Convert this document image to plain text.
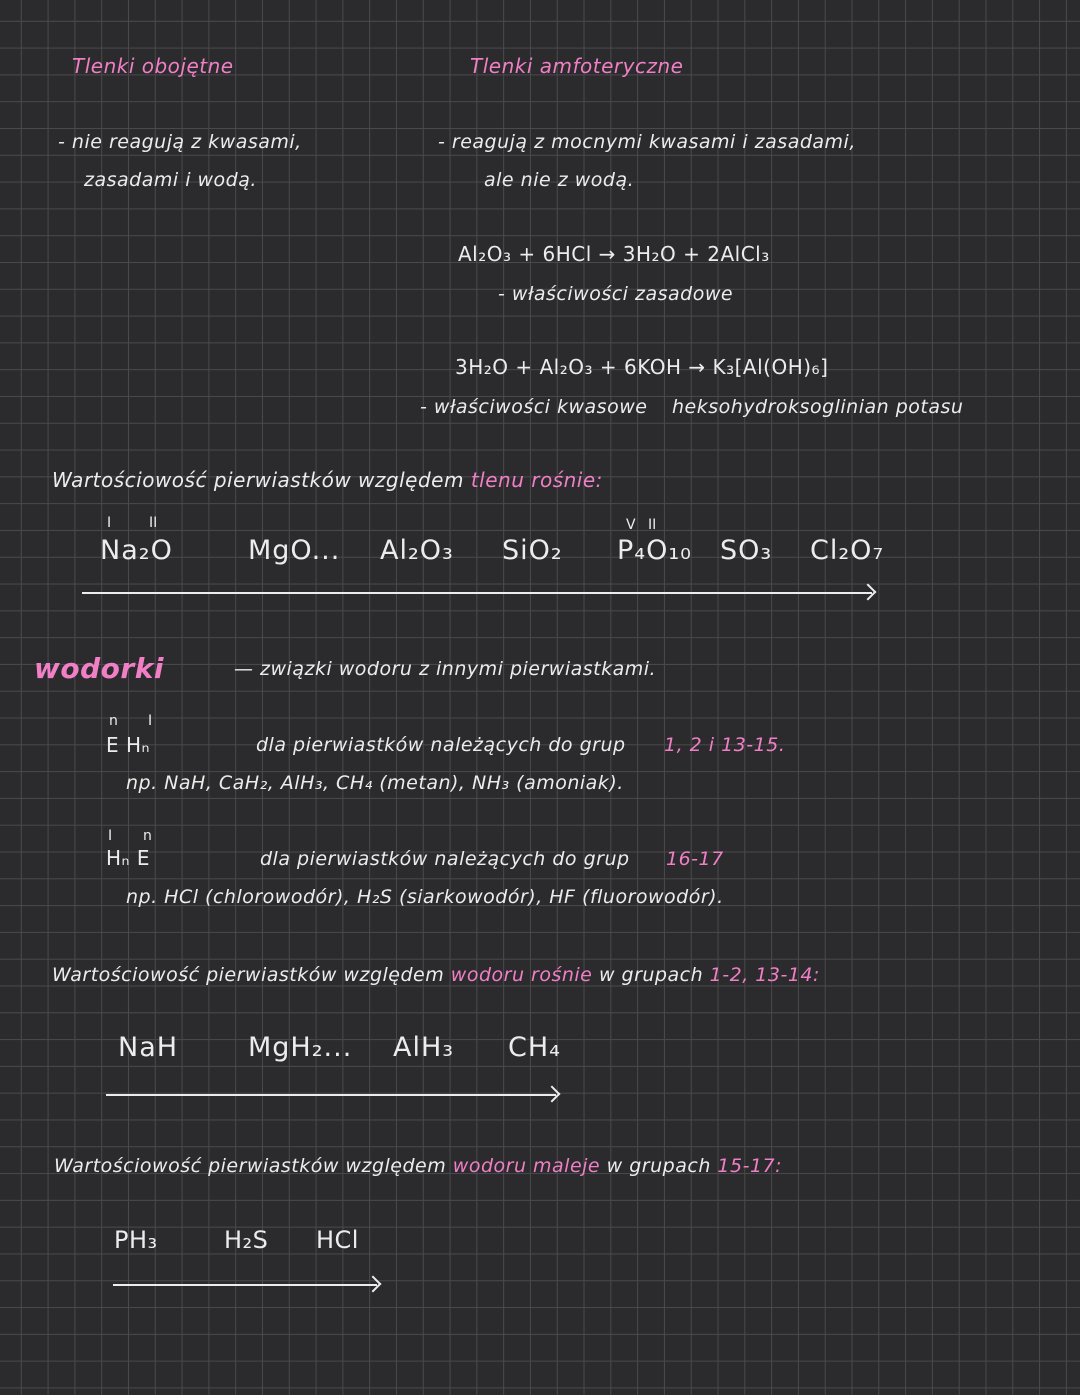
Tlenki obojętne
- nie reagują z kwasami,
zasadami i wodą.
Tlenki amfoteryczne
- reagują z mocnymi kwasami i zasadami,
ale nie z wodą.
Al₂O₃ + 6HCl → 3H₂O + 2AlCl₃
- właściwości zasadowe
3H₂O + Al₂O₃ + 6KOH → K₃[Al(OH)₆]
- właściwości kwasowe heksohydroksoglinian potasu
Wartościowość pierwiastków względem tlenu rośnie:
I	II	V II
Na₂O	MgO... Al₂O₃ SiO₂ P₄O₁₀ SO₃ Cl₂O₇
wodorki	— związki wodoru z innymi pierwiastkami.
n I
E Hₙ	dla pierwiastków należących do grup 1, 2 i 13-15.
np. NaH, CaH₂, AlH₃, CH₄ (metan), NH₃ (amoniak).
I n
Hₙ E	dla pierwiastków należących do grup 16-17
np. HCl (chlorowodór), H₂S (siarkowodór), HF (fluorowodór).
Wartościowość pierwiastków względem wodoru rośnie w grupach 1-2, 13-14:
NaH	MgH₂... AlH₃ CH₄
Wartościowość pierwiastków względem wodoru maleje w grupach 15-17:
PH₃	H₂S HCl
